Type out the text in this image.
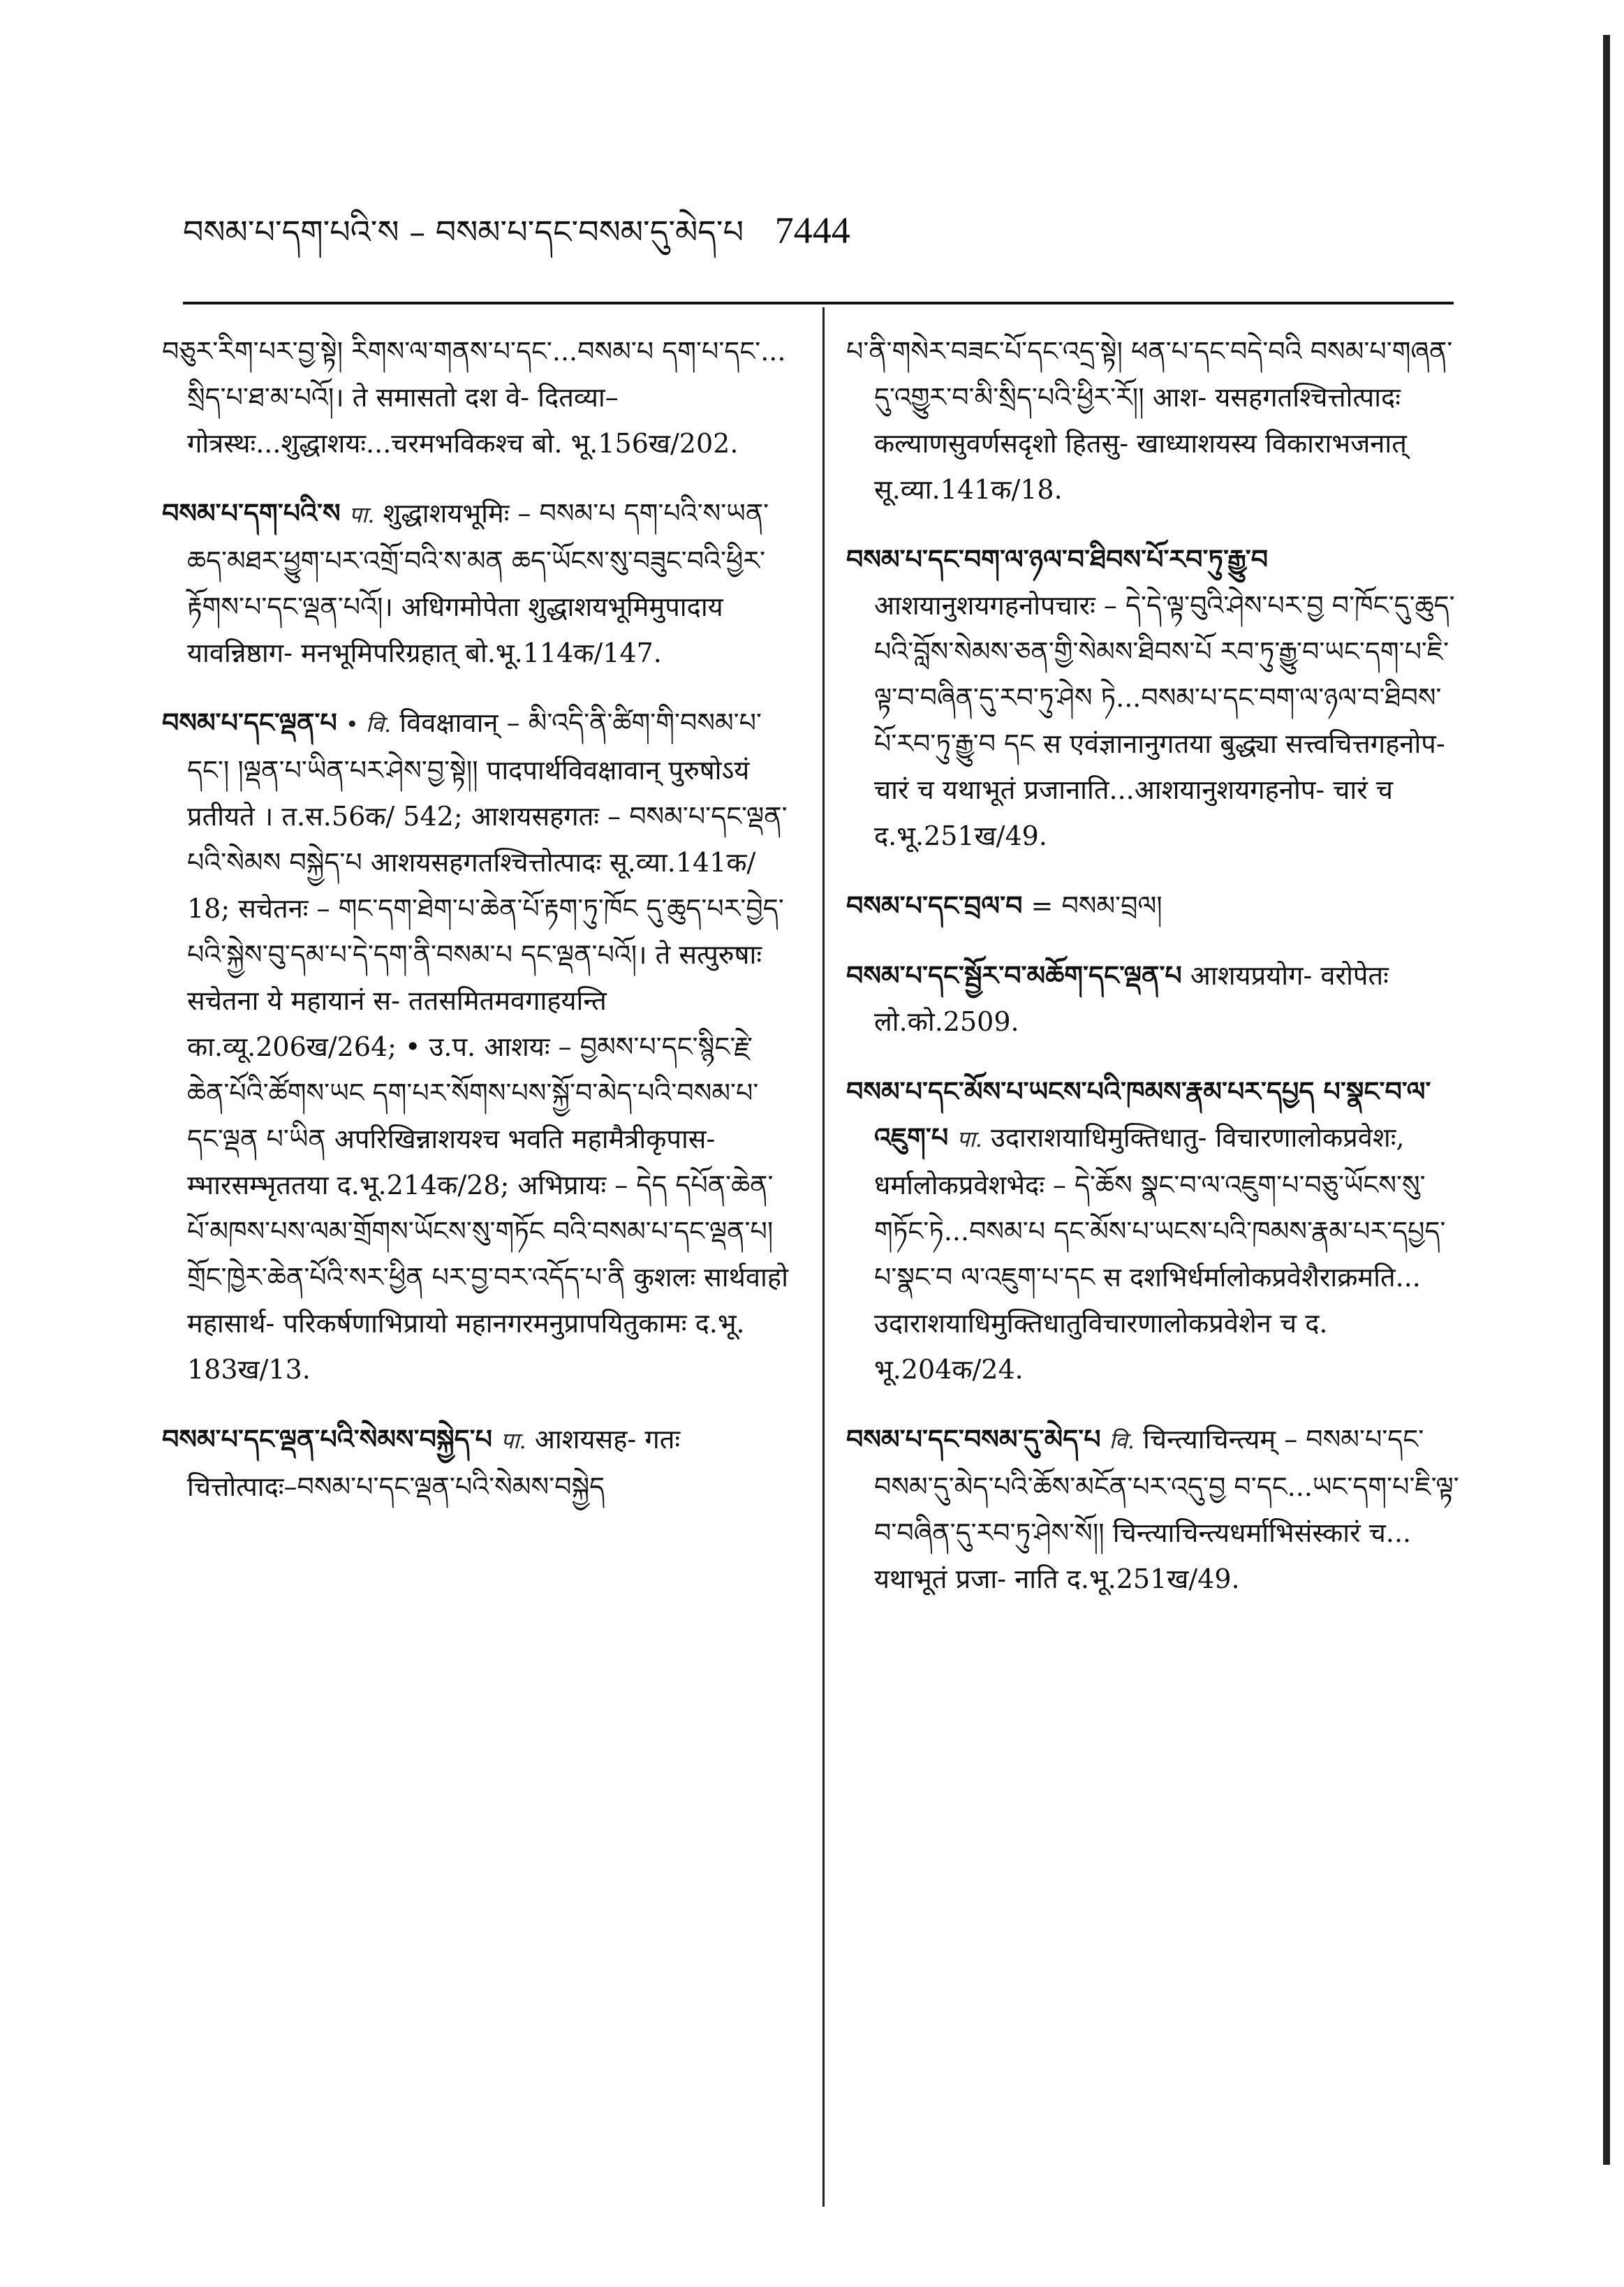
བསམ་པ་དག་པའི་ས – བསམ་པ་དང་བསམ་དུ་མེད་པ 7444

བཅུར་རིག་པར་བྱ་སྟེ། རིགས་ལ་གནས་པ་དང་...བསམ་པ དག་པ་དང་... སྲིད་པ་ཐ་མ་པའོ།। ते समासतो दश वे- दितव्या–गोत्रस्थः...शुद्धाशयः...चरमभविकश्च बो. भू.156ख/202.

བསམ་པ་དག་པའི་ས पा. शुद्धाशयभूमिः – བསམ་པ དག་པའི་ས་ཡན་ཆད་མཐར་ཕྱུག་པར་འགྲོ་བའི་ས་མན ཆད་ཡོངས་སུ་བཟུང་བའི་ཕྱིར་རྟོགས་པ་དང་ལྡན་པའོ།। अधिगमोपेता शुद्धाशयभूमिमुपादाय यावन्निष्ठाग- मनभूमिपरिग्रहात् बो.भू.114क/147.

བསམ་པ་དང་ལྡན་པ • वि. विवक्षावान् – མི་འདི་ནི་ཚིག་གི་བསམ་པ་དང་། །ལྡན་པ་ཡིན་པར་ཤེས་བྱ་སྟེ།། पादपार्थविवक्षावान् पुरुषोऽयं प्रतीयते । त.स.56क/ 542; आशयसहगतः – བསམ་པ་དང་ལྡན་པའི་སེམས བསྐྱེད་པ आशयसहगतश्चित्तोत्पादः सू.व्या.141क/ 18; सचेतनः – གང་དག་ཐེག་པ་ཆེན་པོ་རྟག་ཏུ་ཁོང དུ་ཆུད་པར་བྱེད་པའི་སྐྱེས་བུ་དམ་པ་དེ་དག་ནི་བསམ་པ དང་ལྡན་པའོ།। ते सत्पुरुषाः सचेतना ये महायानं स- ततसमितमवगाहयन्ति का.व्यू.206ख/264; • उ.प. आशयः – བྱམས་པ་དང་སྙིང་རྗེ་ཆེན་པོའི་ཚོགས་ཡང དག་པར་སོགས་པས་སྐྱོ་བ་མེད་པའི་བསམ་པ་དང་ལྡན པ་ཡིན अपरिखिन्नाशयश्च भवति महामैत्रीकृपास- म्भारसम्भृततया द.भू.214क/28; अभिप्रायः – དེད དཔོན་ཆེན་པོ་མཁས་པས་ལམ་གྲོགས་ཡོངས་སུ་གཏོང བའི་བསམ་པ་དང་ལྡན་པ། གྲོང་ཁྱེར་ཆེན་པོའི་སར་ཕྱིན པར་བྱ་བར་འདོད་པ་ནི कुशलः सार्थवाहो महासार्थ- परिकर्षणाभिप्रायो महानगरमनुप्रापयितुकामः द.भू. 183ख/13.

བསམ་པ་དང་ལྡན་པའི་སེམས་བསྐྱེད་པ पा. आशयसह- गतः चित्तोत्पादः–བསམ་པ་དང་ལྡན་པའི་སེམས་བསྐྱེད

པ་ནི་གསེར་བཟང་པོ་དང་འདྲ་སྟེ། ཕན་པ་དང་བདེ་བའི བསམ་པ་གཞན་དུ་འགྱུར་བ་མི་སྲིད་པའི་ཕྱིར་རོ།། आश- यसहगतश्चित्तोत्पादः कल्याणसुवर्णसदृशो हितसु- खाध्याशयस्य विकाराभजनात् सू.व्या.141क/18.

བསམ་པ་དང་བག་ལ་ཉལ་བ་ཐིབས་པོ་རབ་ཏུ་རྒྱུ་བ आशयानुशयगहनोपचारः – དེ་དེ་ལྟ་བུའི་ཤེས་པར་བྱ བ་ཁོང་དུ་ཆུད་པའི་བློས་སེམས་ཅན་གྱི་སེམས་ཐིབས་པོ རབ་ཏུ་རྒྱུ་བ་ཡང་དག་པ་ཇི་ལྟ་བ་བཞིན་དུ་རབ་ཏུ་ཤེས ཏེ...བསམ་པ་དང་བག་ལ་ཉལ་བ་ཐིབས་པོ་རབ་ཏུ་རྒྱུ་བ དང स एवंज्ञानानुगतया बुद्ध्या सत्त्वचित्तगहनोप- चारं च यथाभूतं प्रजानाति...आशयानुशयगहनोप- चारं च द.भू.251ख/49.

བསམ་པ་དང་བྲལ་བ = བསམ་བྲལ།

བསམ་པ་དང་སྦྱོར་བ་མཆོག་དང་ལྡན་པ आशयप्रयोग- वरोपेतः लो.को.2509.

བསམ་པ་དང་མོས་པ་ཡངས་པའི་ཁམས་རྣམ་པར་དཔྱད པ་སྣང་བ་ལ་འཇུག་པ पा. उदाराशयाधिमुक्तिधातु- विचारणालोकप्रवेशः, धर्मालोकप्रवेशभेदः – དེ་ཆོས སྣང་བ་ལ་འཇུག་པ་བཅུ་ཡོངས་སུ་གཏོང་ཏེ...བསམ་པ དང་མོས་པ་ཡངས་པའི་ཁམས་རྣམ་པར་དཔྱད་པ་སྣང་བ ལ་འཇུག་པ་དང स दशभिर्धर्मालोकप्रवेशैराक्रमति... उदाराशयाधिमुक्तिधातुविचारणालोकप्रवेशेन च द. भू.204क/24.

བསམ་པ་དང་བསམ་དུ་མེད་པ वि. चिन्त्याचिन्त्यम् – བསམ་པ་དང་བསམ་དུ་མེད་པའི་ཆོས་མངོན་པར་འདུ་བྱ བ་དང...ཡང་དག་པ་ཇི་ལྟ་བ་བཞིན་དུ་རབ་ཏུ་ཤེས་སོ།། चिन्त्याचिन्त्यधर्माभिसंस्कारं च... यथाभूतं प्रजा- नाति द.भू.251ख/49.
